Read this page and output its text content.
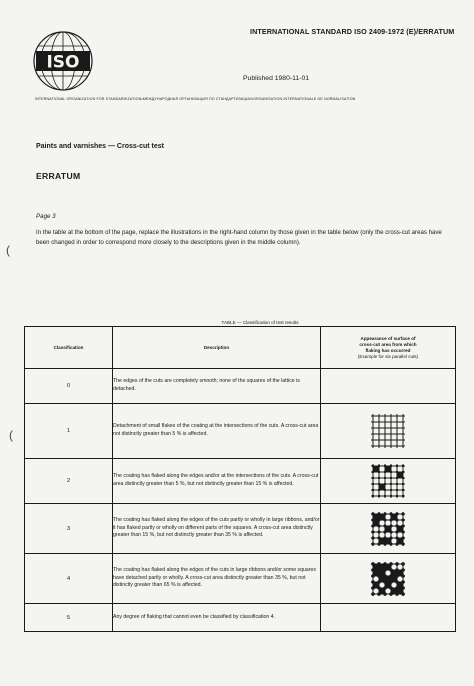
ISO
INTERNATIONAL STANDARD ISO 2409-1972 (E)/ERRATUM
Published 1980-11-01
INTERNATIONAL ORGANIZATION FOR STANDARDIZATION•МЕЖДУНАРОДНАЯ ОРГАНИЗАЦИЯ ПО СТАНДАРТИЗАЦИИ•ORGANISATION INTERNATIONALE DE NORMALISATION
Paints and varnishes — Cross-cut test
ERRATUM
Page 3
In the table at the bottom of the page, replace the illustrations in the right-hand column by those given in the table below (only the cross-cut areas have been changed in order to correspond more closely to the descriptions given in the middle column).
(
(
TABLE — Classification of test results
Classification	Description	Appearance of surface of
cross-cut area from which
flaking has occurred
(Example for six parallel cuts)

0	The edges of the cuts are completely smooth; none of the squares of the lattice is detached.	
1	Detachment of small flakes of the coating at the intersections of the cuts. A cross-cut area not distinctly greater than 5 % is affected.	

2	The coating has flaked along the edges and/or at the intersections of the cuts. A cross-cut area distinctly greater than 5 %, but not distinctly greater than 15 % is affected.	

3	The coating has flaked along the edges of the cuts partly or wholly in large ribbons, and/or it has flaked partly or wholly on different parts of the squares. A cross-cut area distinctly greater than 15 %, but not distinctly greater than 35 % is affected.	

4	The coating has flaked along the edges of the cuts in large ribbons and/or some squares have detached partly or wholly. A cross-cut area distinctly greater than 35 %, but not distinctly greater than 65 % is affected.	

5	Any degree of flaking that cannot even be classified by classification 4.	
